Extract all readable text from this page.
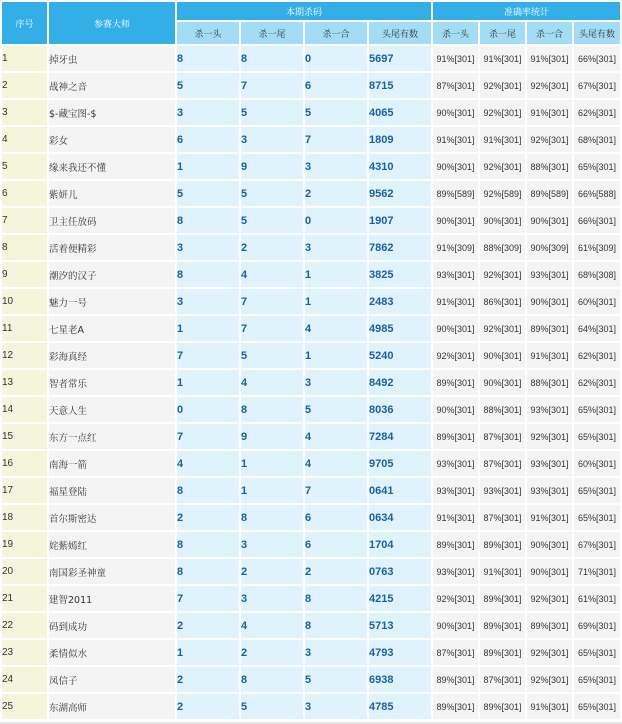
序号	参赛大师	本期杀码				准确率统计			
		杀一头	杀一尾	杀一合	头尾有数	杀一头	杀一尾	杀一合	头尾有数
1	掉牙虫	8	8	0	5697	91%[301]	91%[301]	91%[301]	66%[301]
2	战神之音	5	7	6	8715	87%[301]	92%[301]	92%[301]	67%[301]
3	$-藏宝图-$	3	5	5	4065	90%[301]	92%[301]	91%[301]	62%[301]
4	彩女	6	3	7	1809	91%[301]	91%[301]	92%[301]	68%[301]
5	缘来我还不懂	1	9	3	4310	90%[301]	92%[301]	88%[301]	65%[301]
6	紫妍儿	5	5	2	9562	89%[589]	92%[589]	89%[589]	66%[588]
7	卫主任放码	8	5	0	1907	90%[301]	90%[301]	90%[301]	66%[301]
8	活着便精彩	3	2	3	7862	91%[309]	88%[309]	90%[309]	61%[309]
9	潮汐的汉子	8	4	1	3825	93%[301]	92%[301]	93%[301]	68%[308]
10	魅力一号	3	7	1	2483	91%[301]	86%[301]	90%[301]	60%[301]
11	七星老A	1	7	4	4985	90%[301]	92%[301]	89%[301]	64%[301]
12	彩海真经	7	5	1	5240	92%[301]	90%[301]	91%[301]	62%[301]
13	智者常乐	1	4	3	8492	89%[301]	90%[301]	88%[301]	62%[301]
14	天意人生	0	8	5	8036	90%[301]	88%[301]	93%[301]	65%[301]
15	东方一点红	7	9	4	7284	89%[301]	87%[301]	92%[301]	65%[301]
16	南海一箭	4	1	4	9705	93%[301]	87%[301]	93%[301]	60%[301]
17	福星登陆	8	1	7	0641	93%[301]	93%[301]	93%[301]	65%[301]
18	首尔斯密达	2	8	6	0634	91%[301]	87%[301]	91%[301]	65%[301]
19	姹紫嫣红	8	3	6	1704	89%[301]	89%[301]	90%[301]	67%[301]
20	南国彩圣神童	8	2	2	0763	93%[301]	91%[301]	90%[301]	71%[301]
21	建智2011	7	3	8	4215	92%[301]	89%[301]	92%[301]	61%[301]
22	码到成功	2	4	8	5713	90%[301]	89%[301]	89%[301]	69%[301]
23	柔情似水	1	2	3	4793	87%[301]	89%[301]	92%[301]	65%[301]
24	凤信子	2	8	5	6938	89%[301]	87%[301]	92%[301]	65%[301]
25	东湖高师	2	5	3	4785	89%[301]	89%[301]	91%[301]	65%[301]
